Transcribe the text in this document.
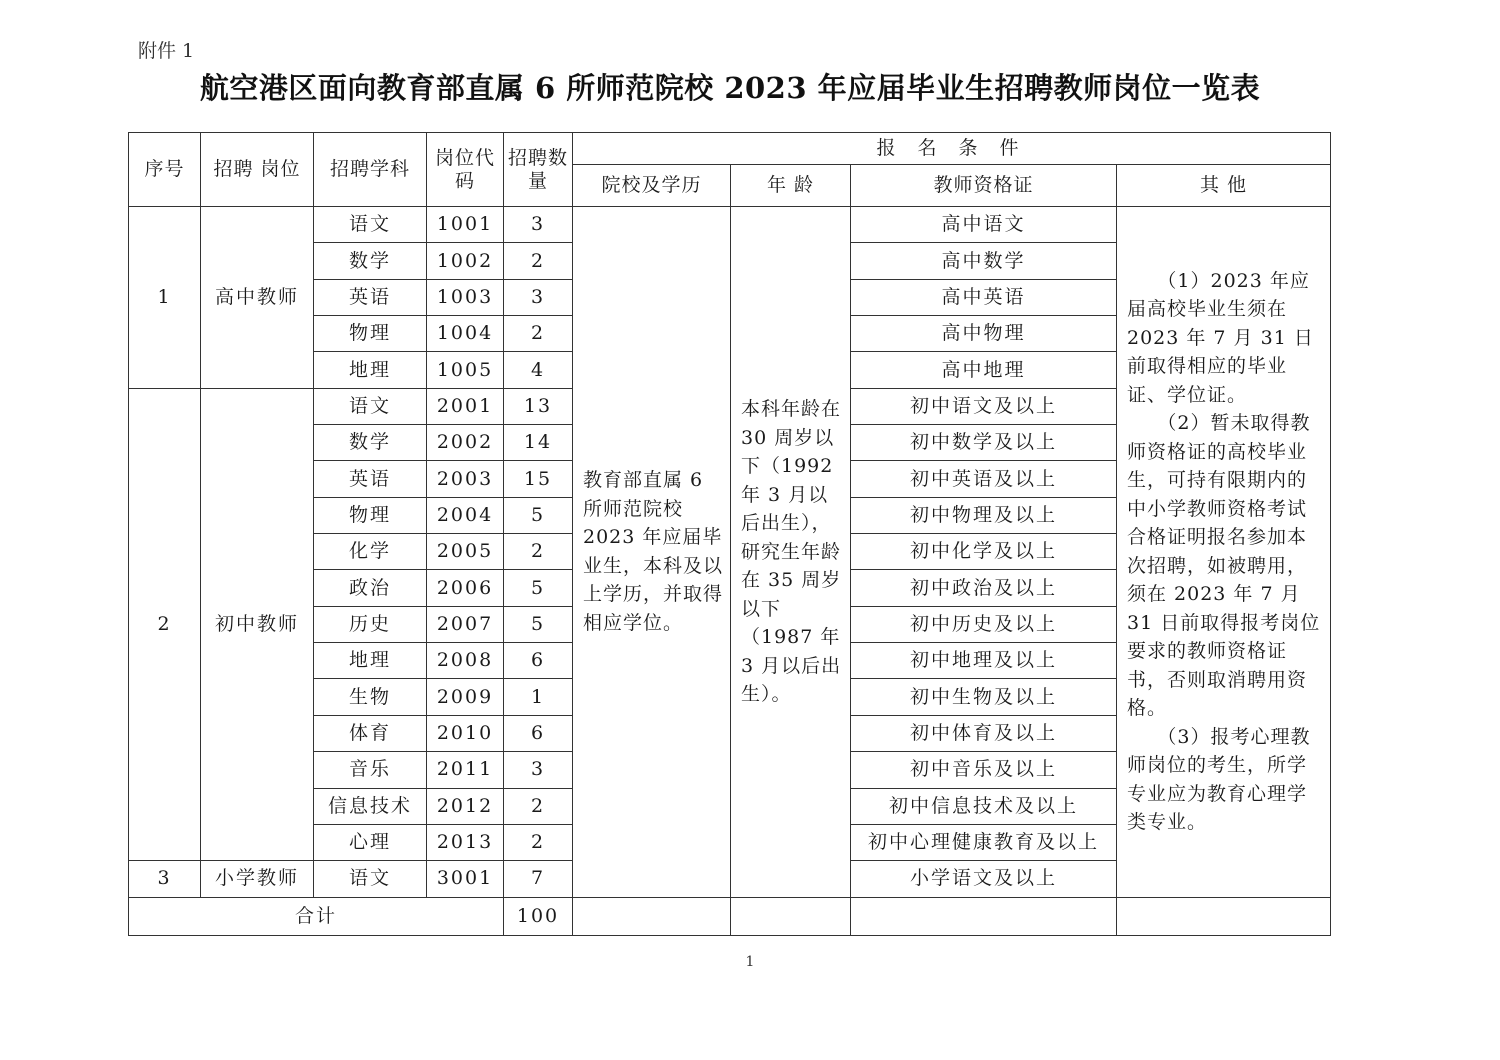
附件 1
航空港区面向教育部直属 6 所师范院校 2023 年应届毕业生招聘教师岗位一览表
序号	招聘 岗位	招聘学科	岗位代码	招聘数量	报 名 条 件			
					院校及学历	年 龄	教师资格证	其 他
1	高中教师	语文	1001	3	教育部直属 6 所师范院校 2023 年应届毕业生，本科及以上学历，并取得相应学位。	本科年龄在 30 周岁以下（1992 年 3 月以后出生），研究生年龄在 35 周岁以下（1987 年 3 月以后出生）。	高中语文	（1）2023 年应届高校毕业生须在 2023 年 7 月 31 日前取得相应的毕业证、学位证。

（2）暂未取得教师资格证的高校毕业生，可持有限期内的中小学教师资格考试合格证明报名参加本次招聘，如被聘用，须在 2023 年 7 月 31 日前取得报考岗位要求的教师资格证书，否则取消聘用资格。

（3）报考心理教师岗位的考生，所学专业应为教育心理学类专业。

		数学	1002	2			高中数学	
		英语	1003	3			高中英语	
		物理	1004	2			高中物理	
		地理	1005	4			高中地理	
2	初中教师	语文	2001	13			初中语文及以上	
		数学	2002	14			初中数学及以上	
		英语	2003	15			初中英语及以上	
		物理	2004	5			初中物理及以上	
		化学	2005	2			初中化学及以上	
		政治	2006	5			初中政治及以上	
		历史	2007	5			初中历史及以上	
		地理	2008	6			初中地理及以上	
		生物	2009	1			初中生物及以上	
		体育	2010	6			初中体育及以上	
		音乐	2011	3			初中音乐及以上	
		信息技术	2012	2			初中信息技术及以上	
		心理	2013	2			初中心理健康教育及以上	
3	小学教师	语文	3001	7			小学语文及以上	
合计				100				
1
